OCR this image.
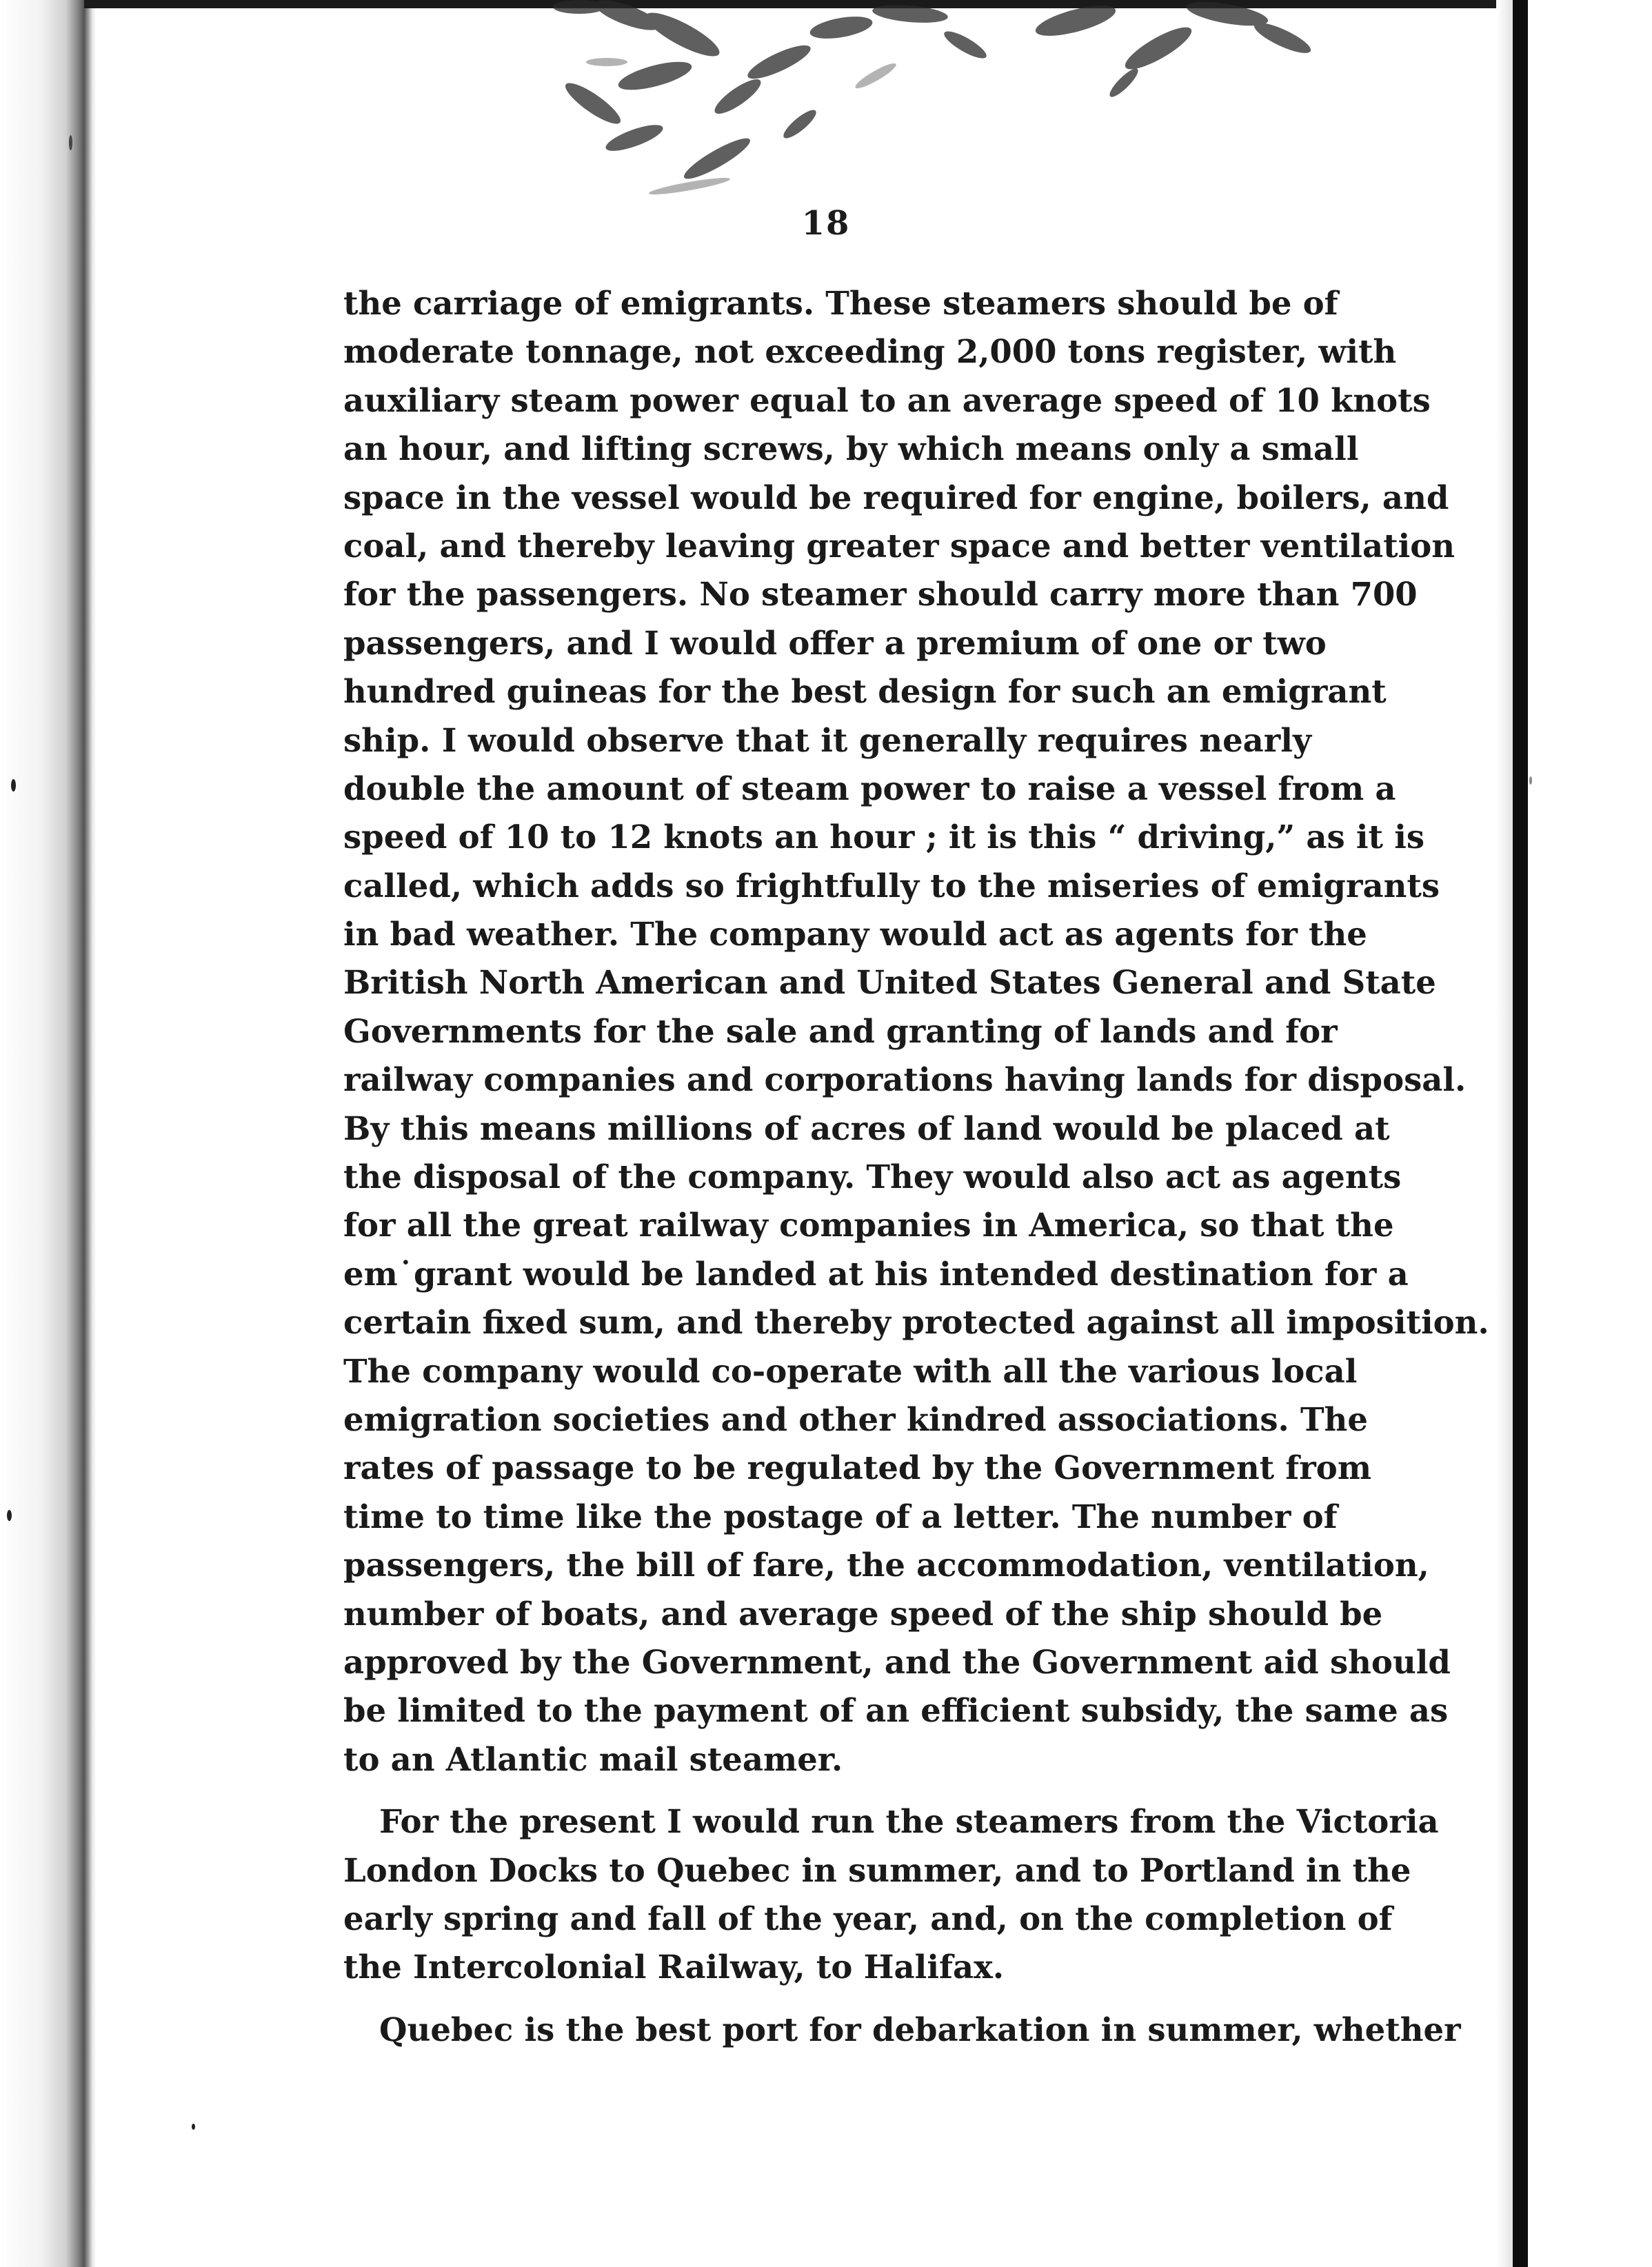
18
the carriage of emigrants. These steamers should be of
moderate tonnage, not exceeding 2,000 tons register, with
auxiliary steam power equal to an average speed of 10 knots
an hour, and lifting screws, by which means only a small
space in the vessel would be required for engine, boilers, and
coal, and thereby leaving greater space and better ventilation
for the passengers. No steamer should carry more than 700
passengers, and I would offer a premium of one or two
hundred guineas for the best design for such an emigrant
ship. I would observe that it generally requires nearly
double the amount of steam power to raise a vessel from a
speed of 10 to 12 knots an hour ; it is this “ driving,” as it is
called, which adds so frightfully to the miseries of emigrants
in bad weather. The company would act as agents for the
British North American and United States General and State
Governments for the sale and granting of lands and for
railway companies and corporations having lands for disposal.
By this means millions of acres of land would be placed at
the disposal of the company. They would also act as agents
for all the great railway companies in America, so that the
em˙grant would be landed at his intended destination for a
certain fixed sum, and thereby protected against all imposition.
The company would co-operate with all the various local
emigration societies and other kindred associations. The
rates of passage to be regulated by the Government from
time to time like the postage of a letter. The number of
passengers, the bill of fare, the accommodation, ventilation,
number of boats, and average speed of the ship should be
approved by the Government, and the Government aid should
be limited to the payment of an efficient subsidy, the same as
to an Atlantic mail steamer.
For the present I would run the steamers from the Victoria
London Docks to Quebec in summer, and to Portland in the
early spring and fall of the year, and, on the completion of
the Intercolonial Railway, to Halifax.
Quebec is the best port for debarkation in summer, whether
